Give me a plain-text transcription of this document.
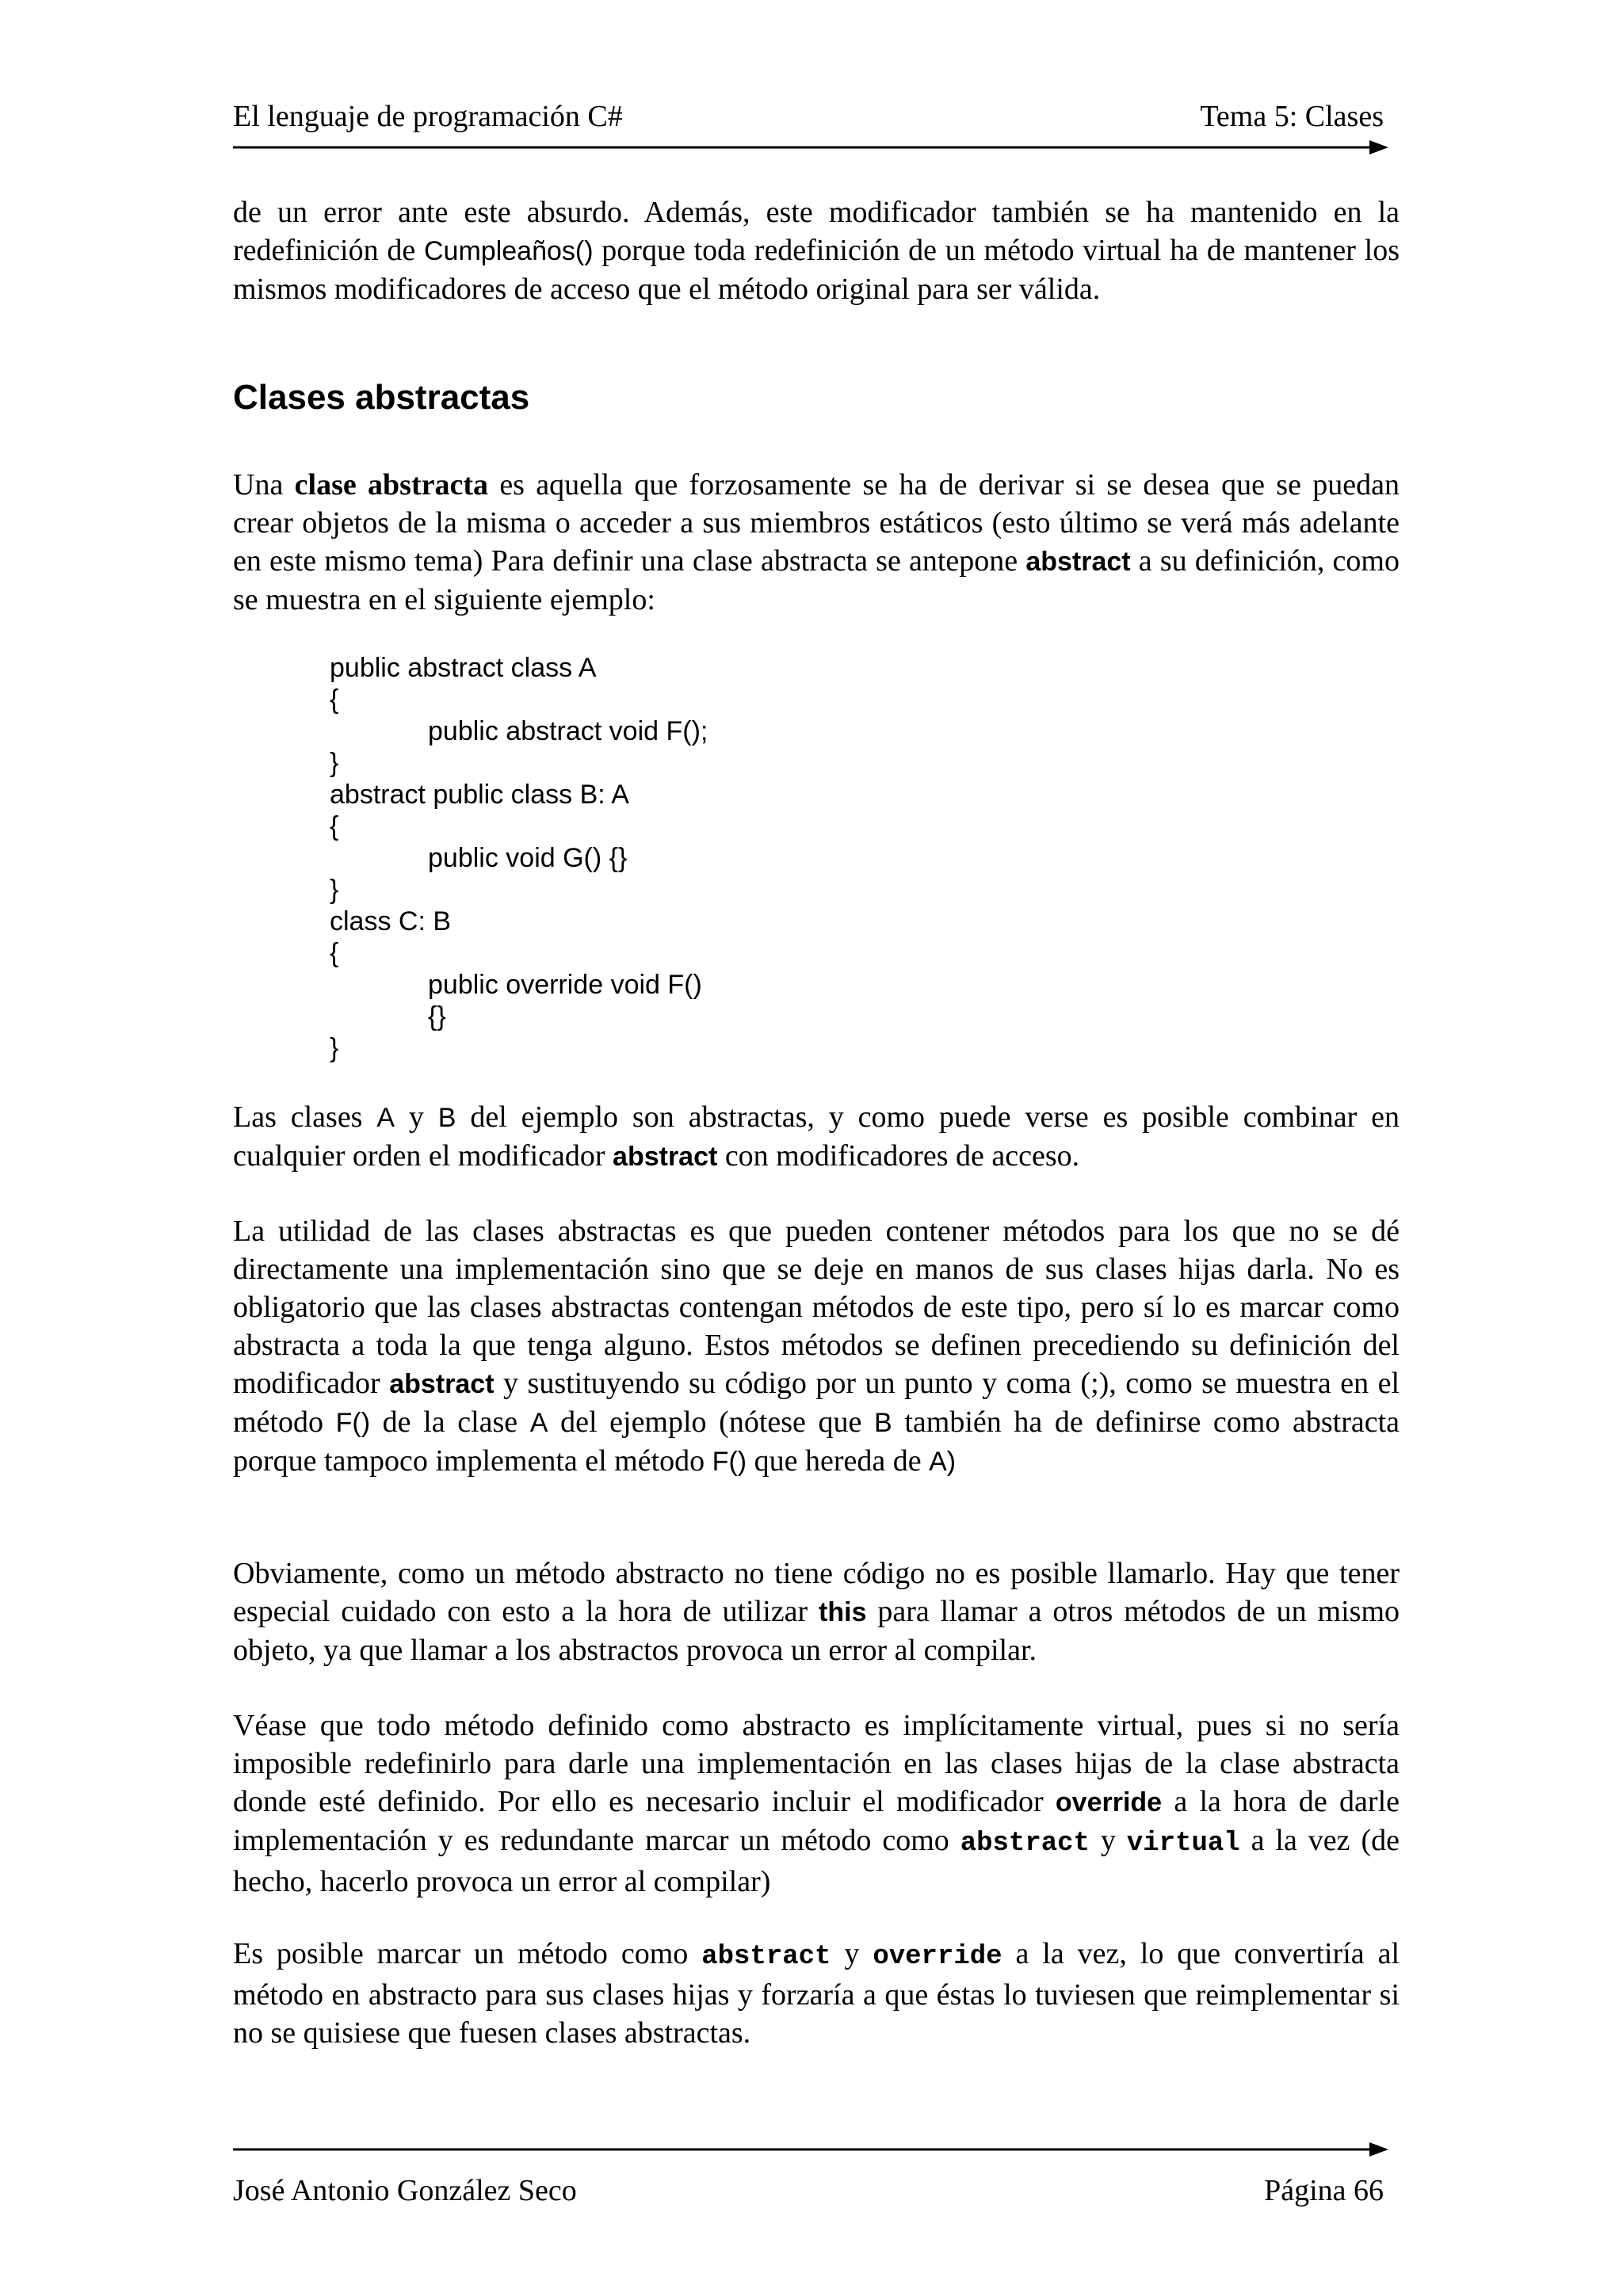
El lenguaje de programación C#	Tema 5: Clases

de un error ante este absurdo. Además, este modificador también se ha mantenido en la redefinición de Cumpleaños() porque toda redefinición de un método virtual ha de mantener los mismos modificadores de acceso que el método original para ser válida.

Clases abstractas

Una clase abstracta es aquella que forzosamente se ha de derivar si se desea que se puedan crear objetos de la misma o acceder a sus miembros estáticos (esto último se verá más adelante en este mismo tema) Para definir una clase abstracta se antepone abstract a su definición, como se muestra en el siguiente ejemplo:

public abstract class A
{
public abstract void F();
}
abstract public class B: A
{
public void G() {}
}
class C: B
{
public override void F()
{}
}

Las clases A y B del ejemplo son abstractas, y como puede verse es posible combinar en cualquier orden el modificador abstract con modificadores de acceso.

La utilidad de las clases abstractas es que pueden contener métodos para los que no se dé directamente una implementación sino que se deje en manos de sus clases hijas darla. No es obligatorio que las clases abstractas contengan métodos de este tipo, pero sí lo es marcar como abstracta a toda la que tenga alguno. Estos métodos se definen precediendo su definición del modificador abstract y sustituyendo su código por un punto y coma (;), como se muestra en el método F() de la clase A del ejemplo (nótese que B también ha de definirse como abstracta porque tampoco implementa el método F() que hereda de A)

Obviamente, como un método abstracto no tiene código no es posible llamarlo. Hay que tener especial cuidado con esto a la hora de utilizar this para llamar a otros métodos de un mismo objeto, ya que llamar a los abstractos provoca un error al compilar.

Véase que todo método definido como abstracto es implícitamente virtual, pues si no sería imposible redefinirlo para darle una implementación en las clases hijas de la clase abstracta donde esté definido. Por ello es necesario incluir el modificador override a la hora de darle implementación y es redundante marcar un método como abstract y virtual a la vez (de hecho, hacerlo provoca un error al compilar)

Es posible marcar un método como abstract y override a la vez, lo que convertiría al método en abstracto para sus clases hijas y forzaría a que éstas lo tuviesen que reimplementar si no se quisiese que fuesen clases abstractas.

José Antonio González Seco	Página 66
